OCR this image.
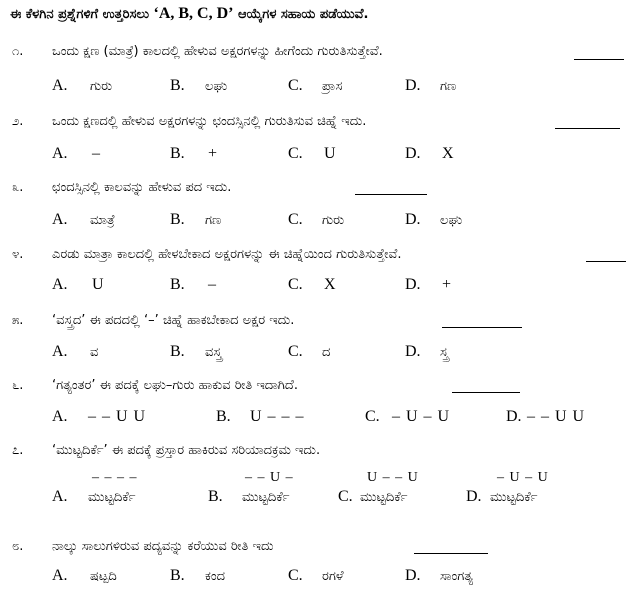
ಈ ಕೆಳಗಿನ ಪ್ರಶ್ನೆಗಳಿಗೆ ಉತ್ತರಿಸಲು ‘A, B, C, D’ ಆಯ್ಕೆಗಳ ಸಹಾಯ ಪಡೆಯುವೆ.
೧. ಒಂದು ಕ್ಷಣ (ಮಾತ್ರೆ) ಕಾಲದಲ್ಲಿ ಹೇಳುವ ಅಕ್ಷರಗಳನ್ನು ಹೀಗೆಂದು ಗುರುತಿಸುತ್ತೇವೆ.
A. ಗುರು	B. ಲಘು	C. ಪ್ರಾಸ	D. ಗಣ
೨. ಒಂದು ಕ್ಷಣದಲ್ಲಿ ಹೇಳುವ ಅಕ್ಷರಗಳನ್ನು ಛಂದಸ್ಸಿನಲ್ಲಿ ಗುರುತಿಸುವ ಚಿಹ್ನೆ ಇದು.
A. –	B. +	C. U	D. X
೩. ಛಂದಸ್ಸಿನಲ್ಲಿ ಕಾಲವನ್ನು ಹೇಳುವ ಪದ ಇದು.
A. ಮಾತ್ರೆ	B. ಗಣ	C. ಗುರು	D. ಲಘು
೪. ಎರಡು ಮಾತ್ರಾ ಕಾಲದಲ್ಲಿ ಹೇಳಬೇಕಾದ ಅಕ್ಷರಗಳನ್ನು ಈ ಚಿಹ್ನೆಯಿಂದ ಗುರುತಿಸುತ್ತೇವೆ.
A. U	B. –	C. X	D. +
೫. ‘ವಸ್ತ್ರದ’ ಈ ಪದದಲ್ಲಿ ‘–’ ಚಿಹ್ನೆ ಹಾಕಬೇಕಾದ ಅಕ್ಷರ ಇದು.
A. ವ	B. ವಸ್ತ್ರ	C. ದ	D. ಸ್ತ್ರ
೬. ‘ಗತ್ಯಂತರ’ ಈ ಪದಕ್ಕೆ ಲಘು–ಗುರು ಹಾಕುವ ರೀತಿ ಇದಾಗಿದೆ.
A. – – U U	B. U – – –	C. – U – U	D. – – U U
೭. ‘ಮುಟ್ಟದಿರ್ಕೆ’ ಈ ಪದಕ್ಕೆ ಪ್ರಸ್ತಾರ ಹಾಕಿರುವ ಸರಿಯಾದಕ್ರಮ ಇದು.
– – – –
A. ಮುಟ್ಟದಿರ್ಕೆ
– – U –
B. ಮುಟ್ಟದಿರ್ಕೆ
U – – U
C. ಮುಟ್ಟದಿರ್ಕೆ
– U – U
D. ಮುಟ್ಟದಿರ್ಕೆ
೮. ನಾಲ್ಕು ಸಾಲುಗಳಿರುವ ಪದ್ಯವನ್ನು ಕರೆಯುವ ರೀತಿ ಇದು
A. ಷಟ್ಪದಿ	B. ಕಂದ	C. ರಗಳೆ	D. ಸಾಂಗತ್ಯ
